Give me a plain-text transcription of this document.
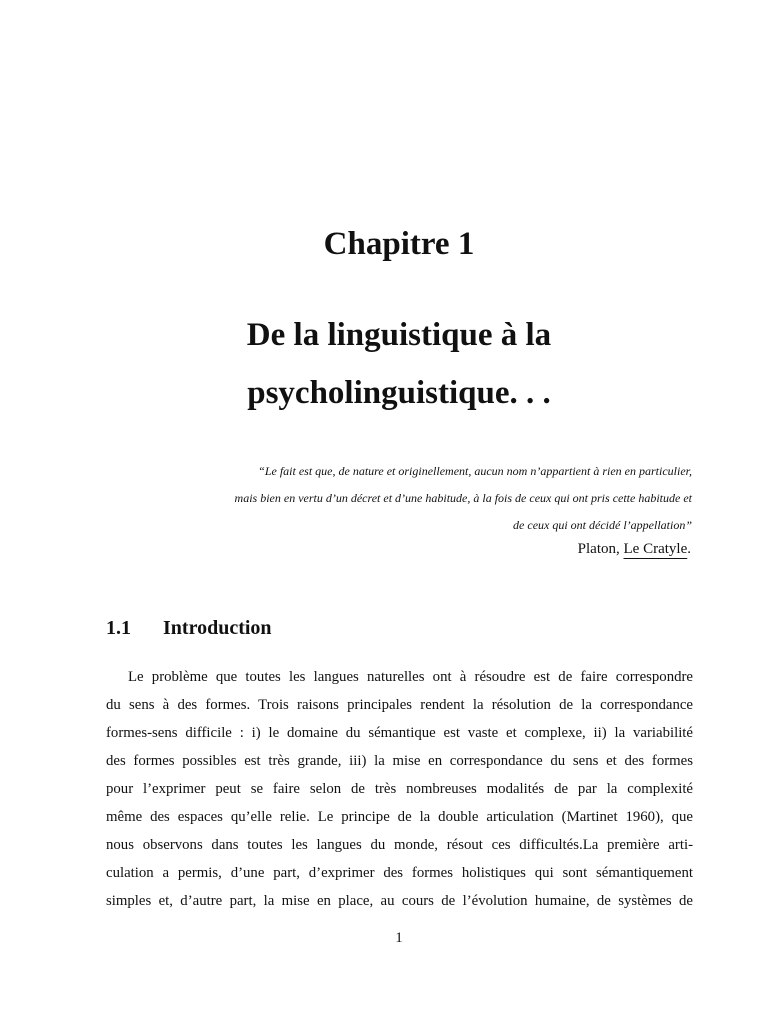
Chapitre 1
De la linguistique à la
psycholinguistique. . .
“Le fait est que, de nature et originellement, aucun nom n’appartient à rien en particulier,
mais bien en vertu d’un décret et d’une habitude, à la fois de ceux qui ont pris cette habitude et
de ceux qui ont décidé l’appellation”
Platon, Le Cratyle.
1.1 Introduction
Le problème que toutes les langues naturelles ont à résoudre est de faire correspondre
du sens à des formes. Trois raisons principales rendent la résolution de la correspondance
formes-sens difficile : i) le domaine du sémantique est vaste et complexe, ii) la variabilité
des formes possibles est très grande, iii) la mise en correspondance du sens et des formes
pour l’exprimer peut se faire selon de très nombreuses modalités de par la complexité
même des espaces qu’elle relie. Le principe de la double articulation (Martinet 1960), que
nous observons dans toutes les langues du monde, résout ces difficultés.La première arti-
culation a permis, d’une part, d’exprimer des formes holistiques qui sont sémantiquement
simples et, d’autre part, la mise en place, au cours de l’évolution humaine, de systèmes de
1
